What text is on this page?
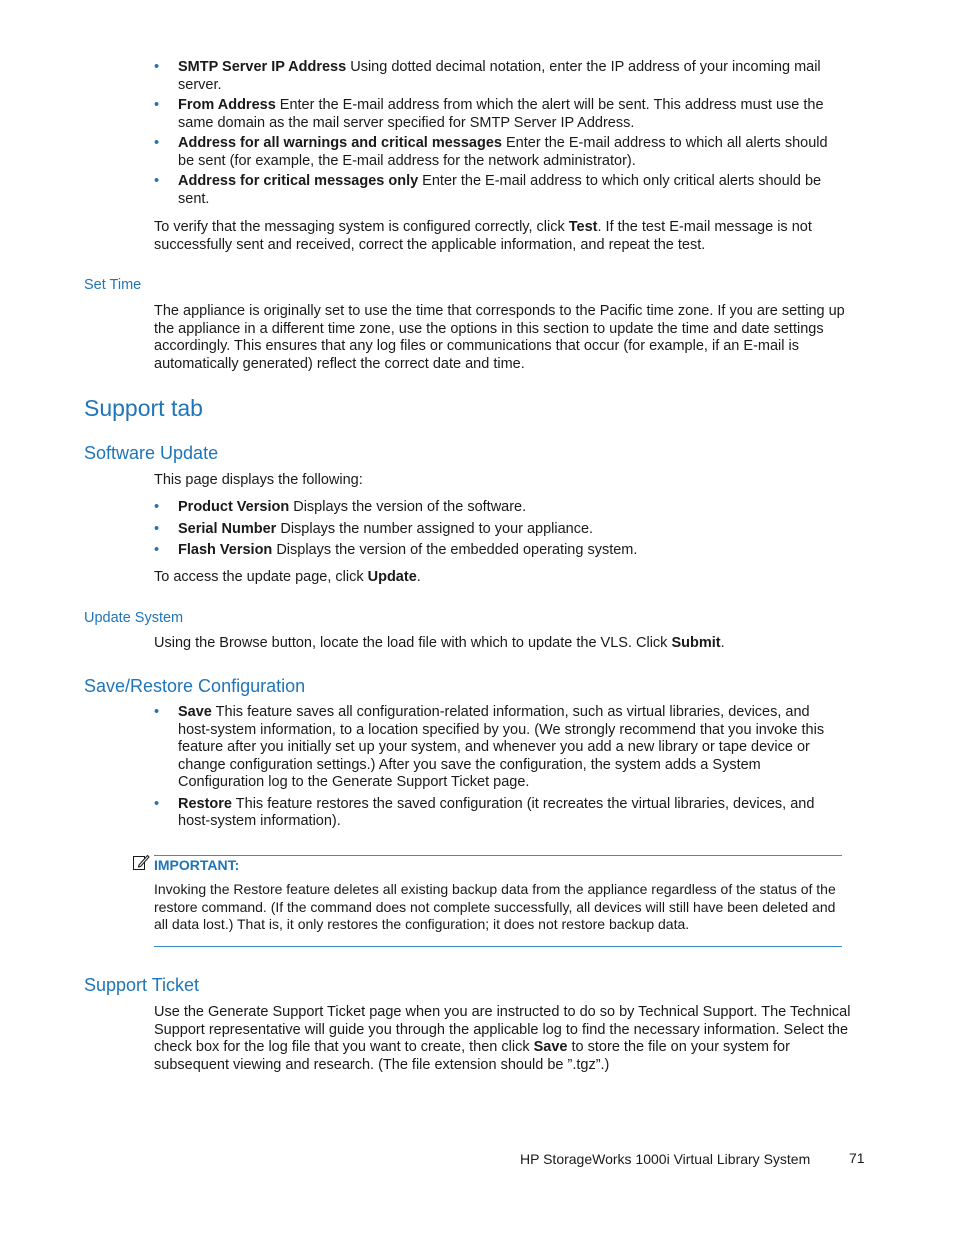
• SMTP Server IP Address Using dotted decimal notation, enter the IP address of your incoming mail server.
• From Address Enter the E-mail address from which the alert will be sent. This address must use the same domain as the mail server specified for SMTP Server IP Address.
• Address for all warnings and critical messages Enter the E-mail address to which all alerts should be sent (for example, the E-mail address for the network administrator).
• Address for critical messages only Enter the E-mail address to which only critical alerts should be sent.

To verify that the messaging system is configured correctly, click Test. If the test E-mail message is not successfully sent and received, correct the applicable information, and repeat the test.

Set Time

The appliance is originally set to use the time that corresponds to the Pacific time zone. If you are setting up the appliance in a different time zone, use the options in this section to update the time and date settings accordingly. This ensures that any log files or communications that occur (for example, if an E-mail is automatically generated) reflect the correct date and time.

Support tab
Software Update

This page displays the following:

• Product Version Displays the version of the software.
• Serial Number Displays the number assigned to your appliance.
• Flash Version Displays the version of the embedded operating system.

To access the update page, click Update.

Update System

Using the Browse button, locate the load file with which to update the VLS. Click Submit.

Save/Restore Configuration
• Save This feature saves all configuration-related information, such as virtual libraries, devices, and host-system information, to a location specified by you. (We strongly recommend that you invoke this feature after you initially set up your system, and whenever you add a new library or tape device or change configuration settings.) After you save the configuration, the system adds a System Configuration log to the Generate Support Ticket page.
• Restore This feature restores the saved configuration (it recreates the virtual libraries, devices, and host-system information).
IMPORTANT:

Invoking the Restore feature deletes all existing backup data from the appliance regardless of the status of the restore command. (If the command does not complete successfully, all devices will still have been deleted and all data lost.) That is, it only restores the configuration; it does not restore backup data.

Support Ticket

Use the Generate Support Ticket page when you are instructed to do so by Technical Support. The Technical Support representative will guide you through the applicable log to find the necessary information. Select the check box for the log file that you want to create, then click Save to store the file on your system for subsequent viewing and research. (The file extension should be ”.tgz”.)

HP StorageWorks 1000i Virtual Library System	71
